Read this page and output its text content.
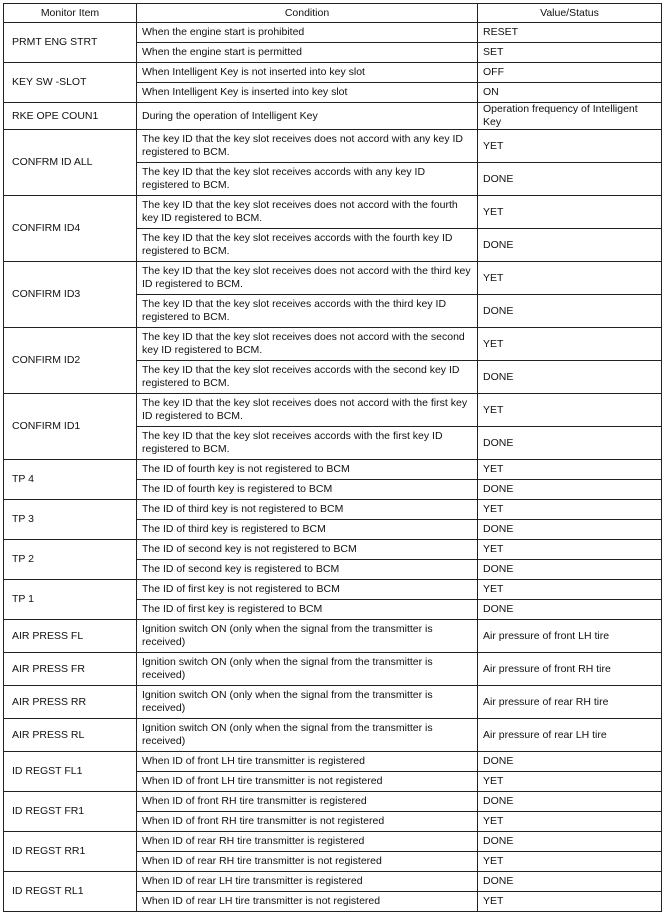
Monitor Item	Condition	Value/Status
PRMT ENG STRT	When the engine start is prohibited	RESET
	When the engine start is permitted	SET
KEY SW -SLOT	When Intelligent Key is not inserted into key slot	OFF
	When Intelligent Key is inserted into key slot	ON
RKE OPE COUN1	During the operation of Intelligent Key	Operation frequency of Intelligent Key
CONFRM ID ALL	The key ID that the key slot receives does not accord with any key ID registered to BCM.	YET
	The key ID that the key slot receives accords with any key ID registered to BCM.	DONE
CONFIRM ID4	The key ID that the key slot receives does not accord with the fourth key ID registered to BCM.	YET
	The key ID that the key slot receives accords with the fourth key ID registered to BCM.	DONE
CONFIRM ID3	The key ID that the key slot receives does not accord with the third key ID registered to BCM.	YET
	The key ID that the key slot receives accords with the third key ID registered to BCM.	DONE
CONFIRM ID2	The key ID that the key slot receives does not accord with the second key ID registered to BCM.	YET
	The key ID that the key slot receives accords with the second key ID registered to BCM.	DONE
CONFIRM ID1	The key ID that the key slot receives does not accord with the first key ID registered to BCM.	YET
	The key ID that the key slot receives accords with the first key ID registered to BCM.	DONE
TP 4	The ID of fourth key is not registered to BCM	YET
	The ID of fourth key is registered to BCM	DONE
TP 3	The ID of third key is not registered to BCM	YET
	The ID of third key is registered to BCM	DONE
TP 2	The ID of second key is not registered to BCM	YET
	The ID of second key is registered to BCM	DONE
TP 1	The ID of first key is not registered to BCM	YET
	The ID of first key is registered to BCM	DONE
AIR PRESS FL	Ignition switch ON (only when the signal from the transmitter is received)	Air pressure of front LH tire
AIR PRESS FR	Ignition switch ON (only when the signal from the transmitter is received)	Air pressure of front RH tire
AIR PRESS RR	Ignition switch ON (only when the signal from the transmitter is received)	Air pressure of rear RH tire
AIR PRESS RL	Ignition switch ON (only when the signal from the transmitter is received)	Air pressure of rear LH tire
ID REGST FL1	When ID of front LH tire transmitter is registered	DONE
	When ID of front LH tire transmitter is not registered	YET
ID REGST FR1	When ID of front RH tire transmitter is registered	DONE
	When ID of front RH tire transmitter is not registered	YET
ID REGST RR1	When ID of rear RH tire transmitter is registered	DONE
	When ID of rear RH tire transmitter is not registered	YET
ID REGST RL1	When ID of rear LH tire transmitter is registered	DONE
	When ID of rear LH tire transmitter is not registered	YET
